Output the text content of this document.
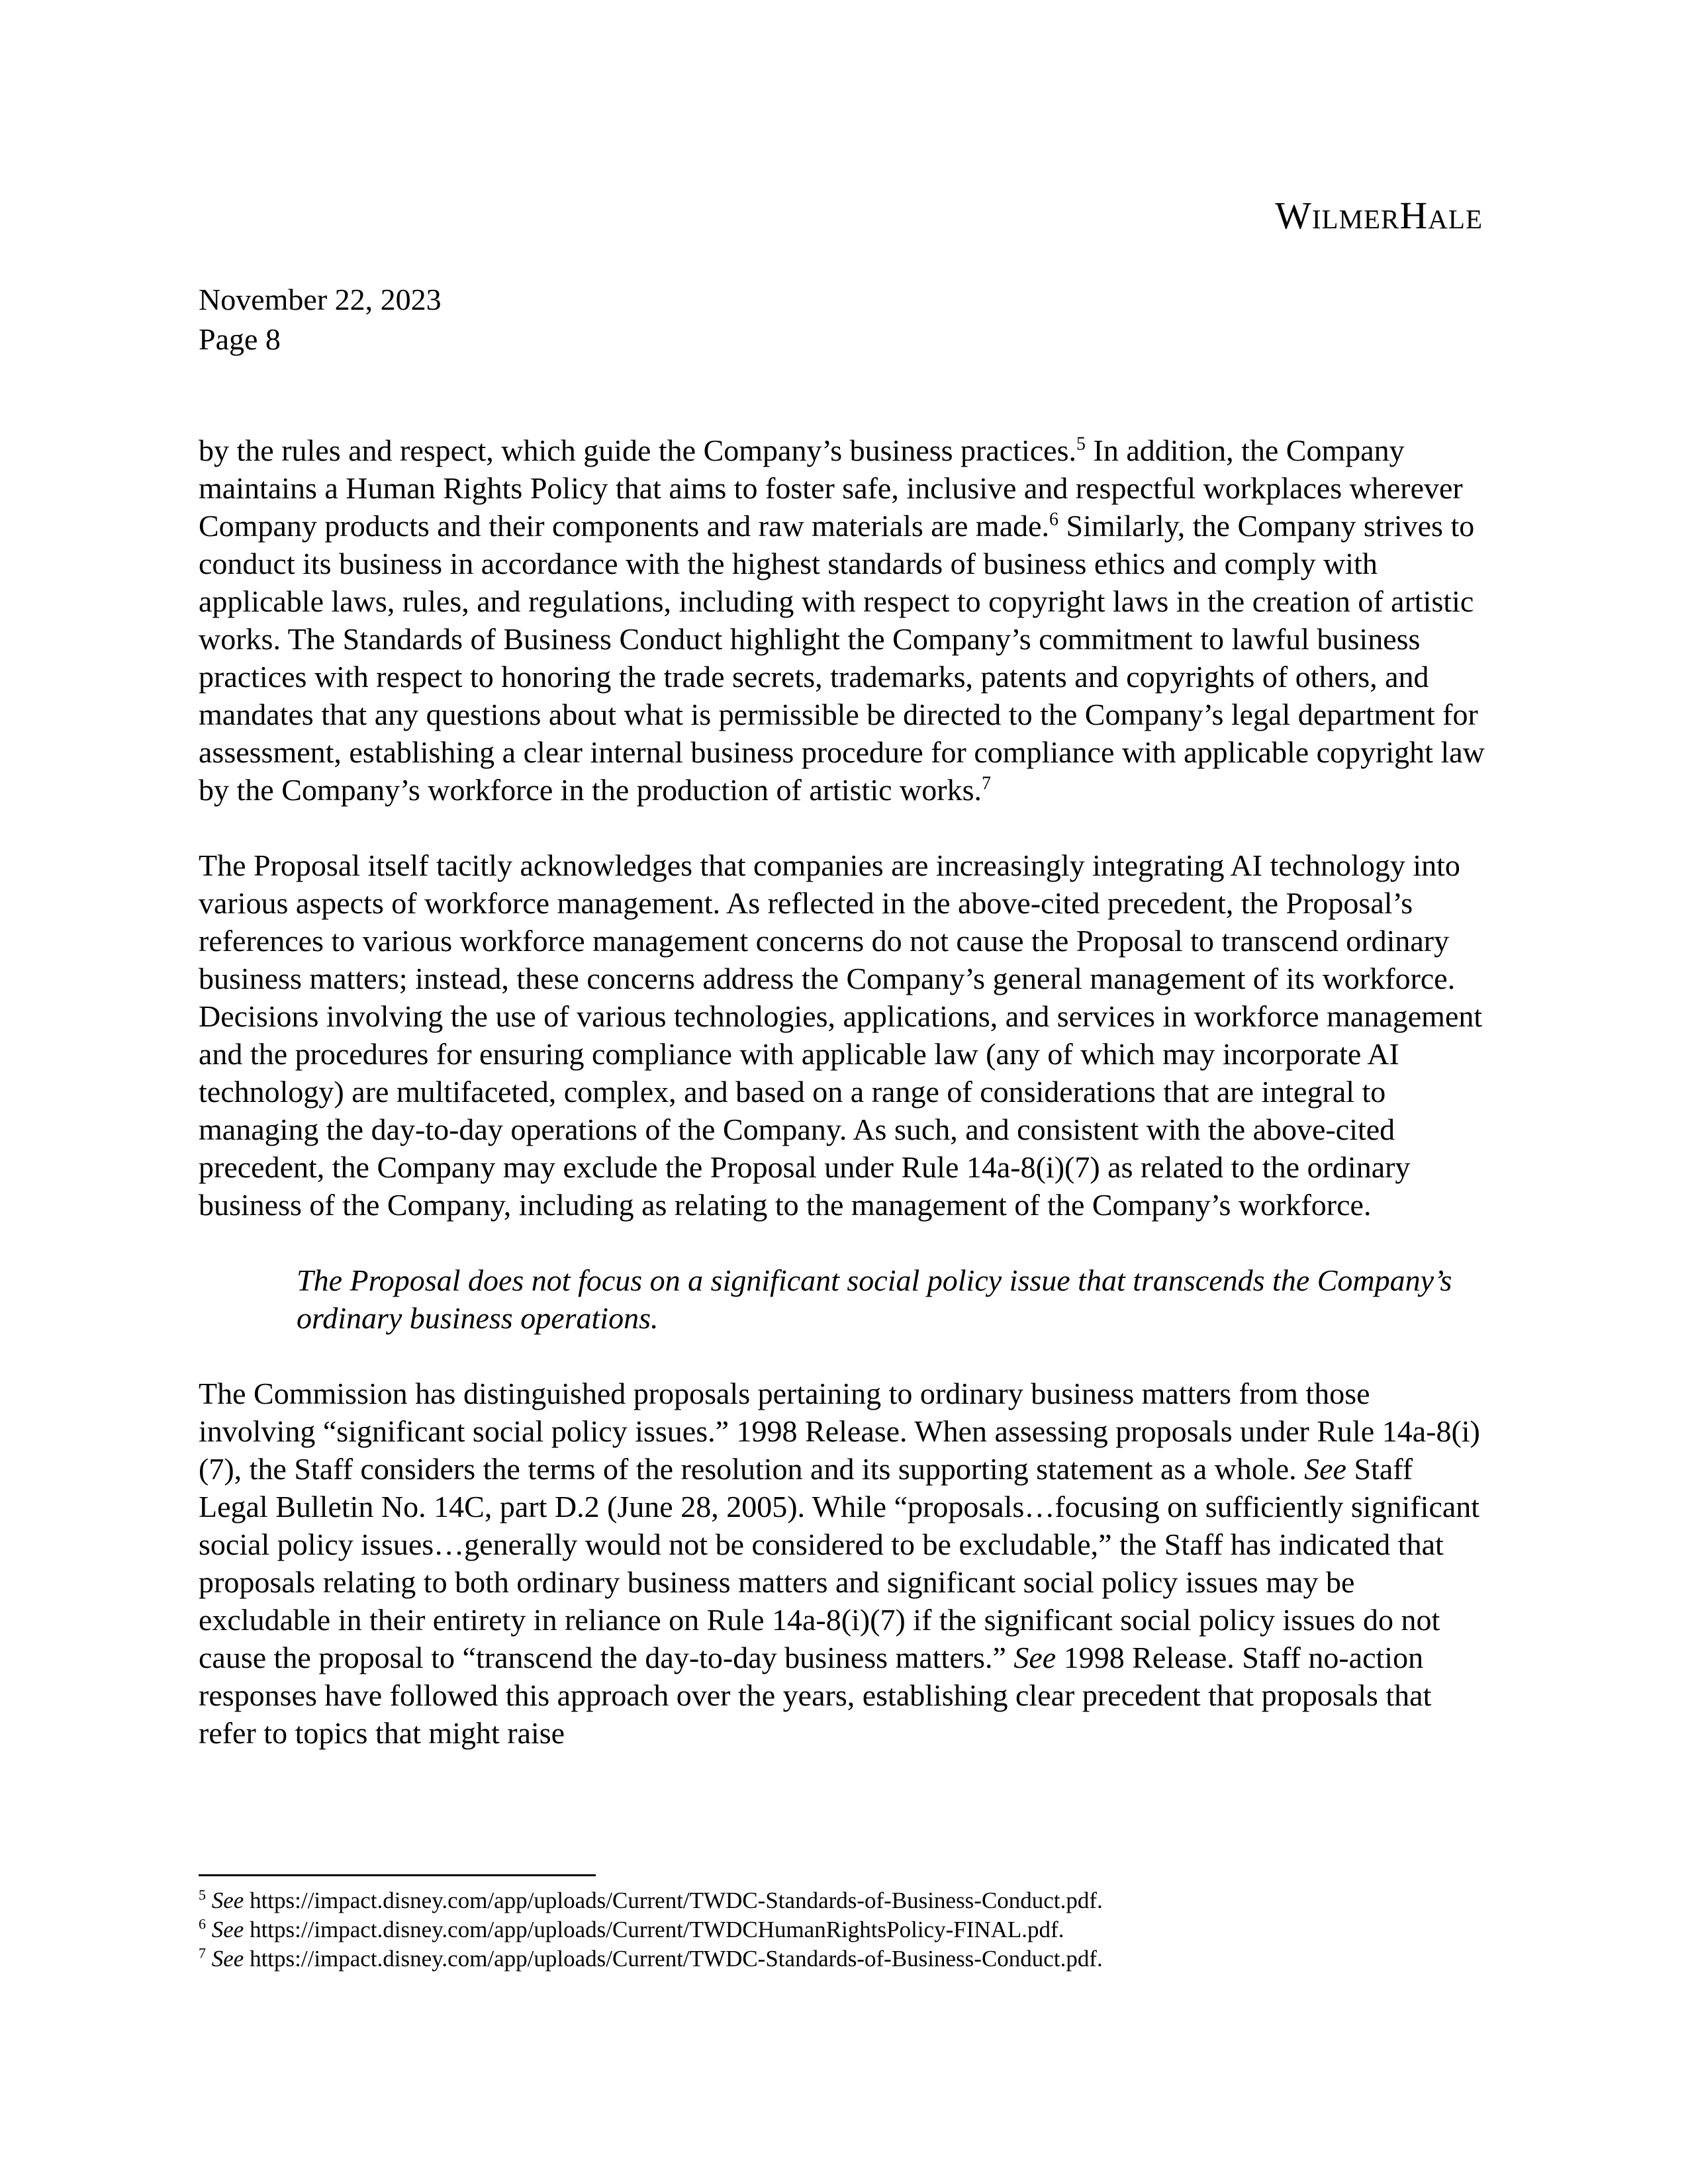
WilmerHale
November 22, 2023
Page 8

by the rules and respect, which guide the Company’s business practices.$^5$ In addition, the Company maintains a Human Rights Policy that aims to foster safe, inclusive and respectful workplaces wherever Company products and their components and raw materials are made.$^6$ Similarly, the Company strives to conduct its business in accordance with the highest standards of business ethics and comply with applicable laws, rules, and regulations, including with respect to copyright laws in the creation of artistic works. The Standards of Business Conduct highlight the Company’s commitment to lawful business practices with respect to honoring the trade secrets, trademarks, patents and copyrights of others, and mandates that any questions about what is permissible be directed to the Company’s legal department for assessment, establishing a clear internal business procedure for compliance with applicable copyright law by the Company’s workforce in the production of artistic works.$^7$

The Proposal itself tacitly acknowledges that companies are increasingly integrating AI technology into various aspects of workforce management. As reflected in the above-cited precedent, the Proposal’s references to various workforce management concerns do not cause the Proposal to transcend ordinary business matters; instead, these concerns address the Company’s general management of its workforce. Decisions involving the use of various technologies, applications, and services in workforce management and the procedures for ensuring compliance with applicable law (any of which may incorporate AI technology) are multifaceted, complex, and based on a range of considerations that are integral to managing the day-to-day operations of the Company. As such, and consistent with the above-cited precedent, the Company may exclude the Proposal under Rule 14a-8(i)(7) as related to the ordinary business of the Company, including as relating to the management of the Company’s workforce.

The Proposal does not focus on a significant social policy issue that transcends the Company’s ordinary business operations.

The Commission has distinguished proposals pertaining to ordinary business matters from those involving “significant social policy issues.” 1998 Release. When assessing proposals under Rule 14a-8(i)(7), the Staff considers the terms of the resolution and its supporting statement as a whole. See Staff Legal Bulletin No. 14C, part D.2 (June 28, 2005). While “proposals…focusing on sufficiently significant social policy issues…generally would not be considered to be excludable,” the Staff has indicated that proposals relating to both ordinary business matters and significant social policy issues may be excludable in their entirety in reliance on Rule 14a-8(i)(7) if the significant social policy issues do not cause the proposal to “transcend the day-to-day business matters.” See 1998 Release. Staff no-action responses have followed this approach over the years, establishing clear precedent that proposals that refer to topics that might raise

$^5$ See https://impact.disney.com/app/uploads/Current/TWDC-Standards-of-Business-Conduct.pdf.
$^6$ See https://impact.disney.com/app/uploads/Current/TWDCHumanRightsPolicy-FINAL.pdf.
$^7$ See https://impact.disney.com/app/uploads/Current/TWDC-Standards-of-Business-Conduct.pdf.
